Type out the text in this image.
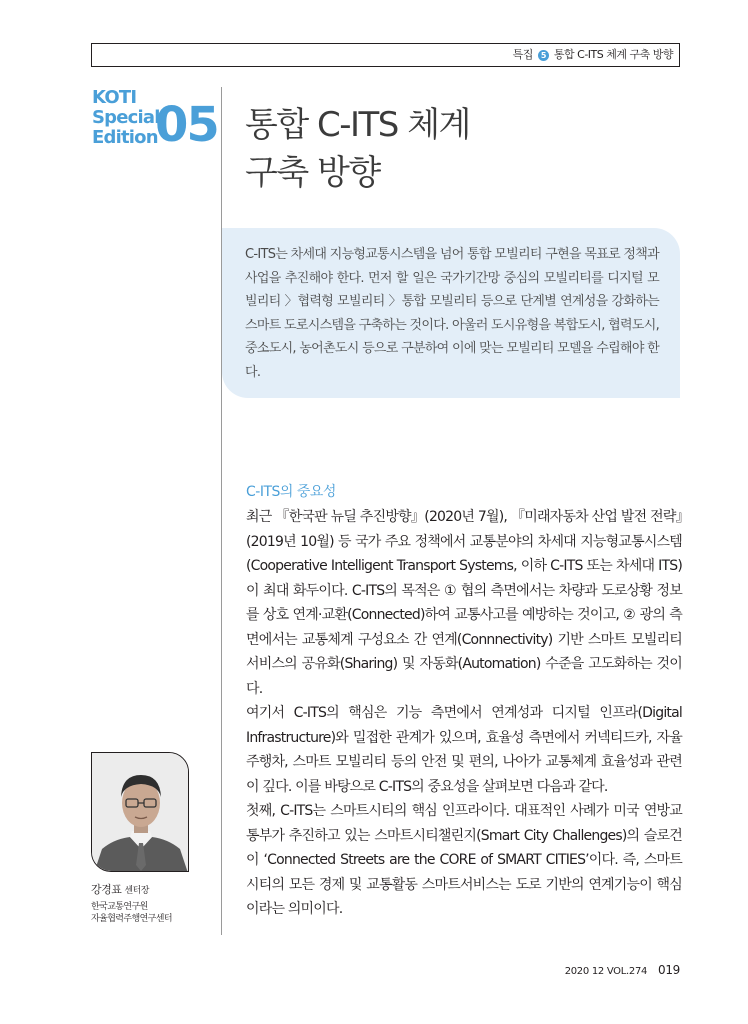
특집 5 통합 C-ITS 체계 구축 방향
KOTI
Special
Edition
05 통합 C-ITS 체계
구축 방향
C-ITS는 차세대 지능형교통시스템을 넘어 통합 모빌리티 구현을 목표로 정책과 사업을 추진해야 한다. 먼저 할 일은 국가기간망 중심의 모빌리티를 디지털 모빌리티 〉협력형 모빌리티 〉통합 모빌리티 등으로 단계별 연계성을 강화하는 스마트 도로시스템을 구축하는 것이다. 아울러 도시유형을 복합도시, 협력도시, 중소도시, 농어촌도시 등으로 구분하여 이에 맞는 모빌리티 모델을 수립해야 한다.
C-ITS의 중요성

최근 『한국판 뉴딜 추진방향』(2020년 7월), 『미래자동차 산업 발전 전략』(2019년 10월) 등 국가 주요 정책에서 교통분야의 차세대 지능형교통시스템(Cooperative Intelligent Transport Systems, 이하 C-ITS 또는 차세대 ITS)이 최대 화두이다. C-ITS의 목적은 ① 협의 측면에서는 차량과 도로상황 정보를 상호 연계·교환(Connected)하여 교통사고를 예방하는 것이고, ② 광의 측면에서는 교통체계 구성요소 간 연계(Connnectivity) 기반 스마트 모빌리티 서비스의 공유화(Sharing) 및 자동화(Automation) 수준을 고도화하는 것이다.

여기서 C-ITS의 핵심은 기능 측면에서 연계성과 디지털 인프라(Digital Infrastructure)와 밀접한 관계가 있으며, 효율성 측면에서 커넥티드카, 자율주행차, 스마트 모빌리티 등의 안전 및 편의, 나아가 교통체계 효율성과 관련이 깊다. 이를 바탕으로 C-ITS의 중요성을 살펴보면 다음과 같다.

첫째, C-ITS는 스마트시티의 핵심 인프라이다. 대표적인 사례가 미국 연방교통부가 추진하고 있는 스마트시티챌린지(Smart City Challenges)의 슬로건이 ‘Connected Streets are the CORE of SMART CITIES’이다. 즉, 스마트시티의 모든 경제 및 교통활동 스마트서비스는 도로 기반의 연계기능이 핵심이라는 의미이다.

강경표 센터장
한국교통연구원
자율협력주행연구센터
2020 12 VOL.274 019
